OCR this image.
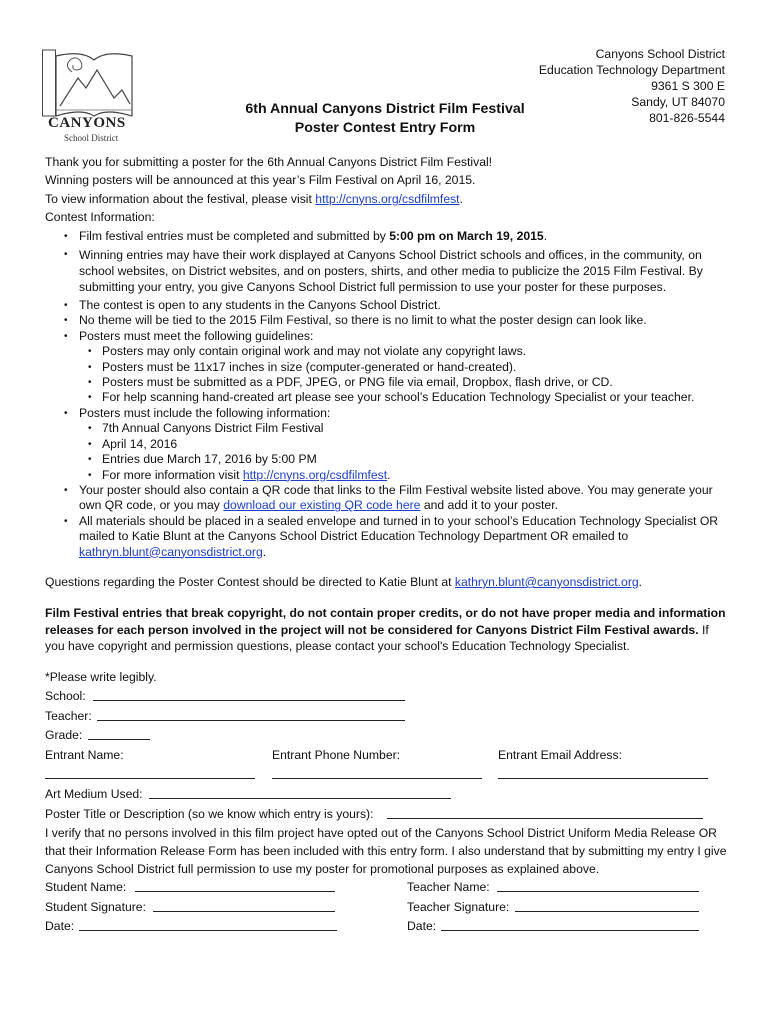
CANYONS
School District
6th Annual Canyons District Film Festival
Poster Contest Entry Form
Canyons School District
Education Technology Department
9361 S 300 E
Sandy, UT 84070
801-826-5544

Thank you for submitting a poster for the 6th Annual Canyons District Film Festival!

Winning posters will be announced at this year’s Film Festival on April 16, 2015.

To view information about the festival, please visit http://cnyns.org/csdfilmfest.

Contest Information:

• Film festival entries must be completed and submitted by 5:00 pm on March 19, 2015.
• Winning entries may have their work displayed at Canyons School District schools and offices, in the community, on school websites, on District websites, and on posters, shirts, and other media to publicize the 2015 Film Festival. By submitting your entry, you give Canyons School District full permission to use your poster for these purposes.
• The contest is open to any students in the Canyons School District.
• No theme will be tied to the 2015 Film Festival, so there is no limit to what the poster design can look like.
• Posters must meet the following guidelines:
• Posters may only contain original work and may not violate any copyright laws.
• Posters must be 11x17 inches in size (computer-generated or hand-created).
• Posters must be submitted as a PDF, JPEG, or PNG file via email, Dropbox, flash drive, or CD.
• For help scanning hand-created art please see your school’s Education Technology Specialist or your teacher.
• Posters must include the following information:
• 7th Annual Canyons District Film Festival
• April 14, 2016
• Entries due March 17, 2016 by 5:00 PM
• For more information visit http://cnyns.org/csdfilmfest.
• Your poster should also contain a QR code that links to the Film Festival website listed above. You may generate your own QR code, or you may download our existing QR code here and add it to your poster.
• All materials should be placed in a sealed envelope and turned in to your school’s Education Technology Specialist OR mailed to Katie Blunt at the Canyons School District Education Technology Department OR emailed to kathryn.blunt@canyonsdistrict.org.

Questions regarding the Poster Contest should be directed to Katie Blunt at kathryn.blunt@canyonsdistrict.org.

Film Festival entries that break copyright, do not contain proper credits, or do not have proper media and information releases for each person involved in the project will not be considered for Canyons District Film Festival awards. If you have copyright and permission questions, please contact your school's Education Technology Specialist.

*Please write legibly.

School:
Teacher:
Grade:
Entrant Name:	Entrant Phone Number:	Entrant Email Address:
Art Medium Used:
Poster Title or Description (so we know which entry is yours):

I verify that no persons involved in this film project have opted out of the Canyons School District Uniform Media Release OR that their Information Release Form has been included with this entry form. I also understand that by submitting my entry I give Canyons School District full permission to use my poster for promotional purposes as explained above.

Student Name:	Teacher Name:
Student Signature:	Teacher Signature:
Date:	Date:
